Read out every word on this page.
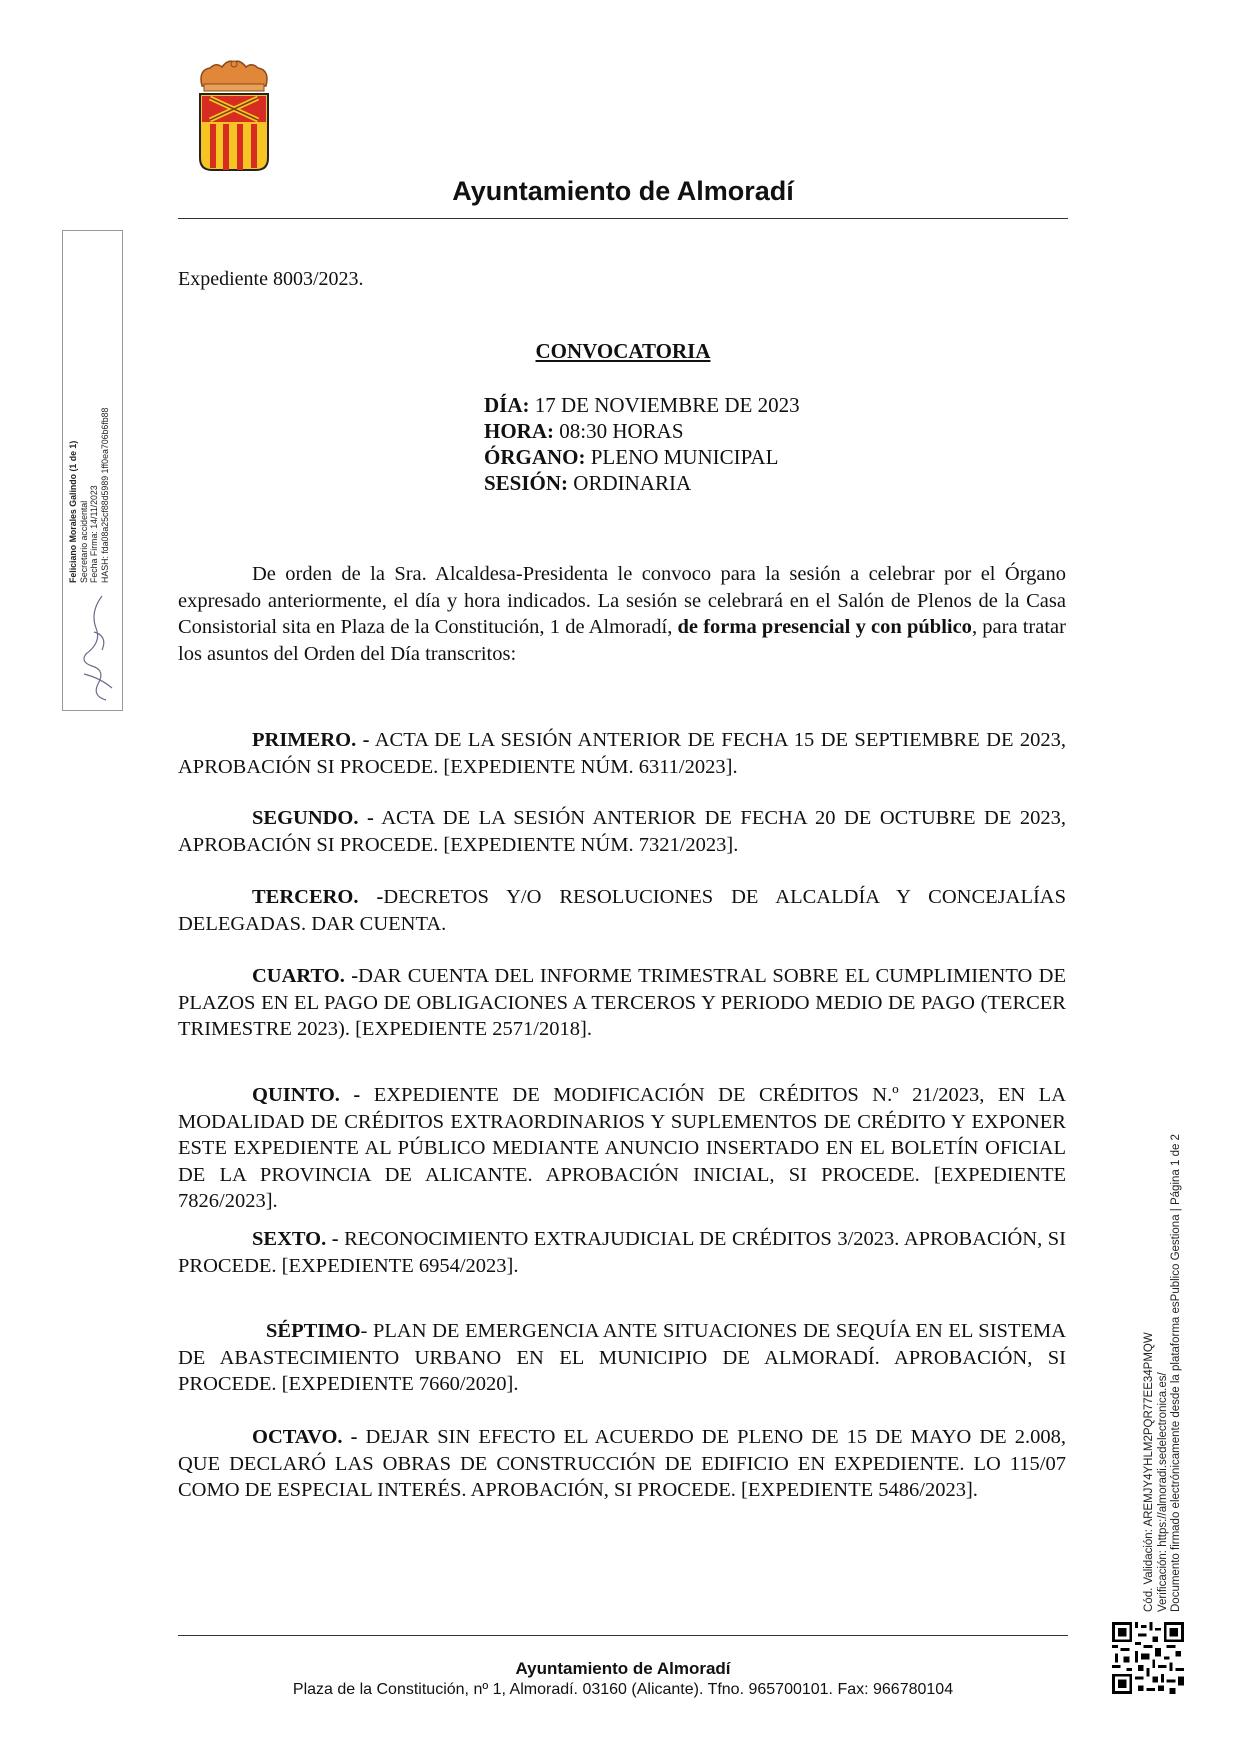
Ayuntamiento de Almoradí
Feliciano Morales Galindo (1 de 1) Secretario accidental Fecha Firma: 14/11/2023 HASH: fda08a25cf88d5989 1ff0ea706b6fb88
Expediente 8003/2023.
CONVOCATORIA
DÍA: 17 DE NOVIEMBRE DE 2023
HORA: 08:30 HORAS
ÓRGANO: PLENO MUNICIPAL
SESIÓN: ORDINARIA
De orden de la Sra. Alcaldesa-Presidenta le convoco para la sesión a celebrar por el Órgano expresado anteriormente, el día y hora indicados. La sesión se celebrará en el Salón de Plenos de la Casa Consistorial sita en Plaza de la Constitución, 1 de Almoradí, de forma presencial y con público, para tratar los asuntos del Orden del Día transcritos:
PRIMERO. - ACTA DE LA SESIÓN ANTERIOR DE FECHA 15 DE SEPTIEMBRE DE 2023, APROBACIÓN SI PROCEDE. [EXPEDIENTE NÚM. 6311/2023].
SEGUNDO. - ACTA DE LA SESIÓN ANTERIOR DE FECHA 20 DE OCTUBRE DE 2023, APROBACIÓN SI PROCEDE. [EXPEDIENTE NÚM. 7321/2023].
TERCERO. -DECRETOS Y/O RESOLUCIONES DE ALCALDÍA Y CONCEJALÍAS DELEGADAS. DAR CUENTA.
CUARTO. -DAR CUENTA DEL INFORME TRIMESTRAL SOBRE EL CUMPLIMIENTO DE PLAZOS EN EL PAGO DE OBLIGACIONES A TERCEROS Y PERIODO MEDIO DE PAGO (TERCER TRIMESTRE 2023). [EXPEDIENTE 2571/2018].
QUINTO. - EXPEDIENTE DE MODIFICACIÓN DE CRÉDITOS N.º 21/2023, EN LA MODALIDAD DE CRÉDITOS EXTRAORDINARIOS Y SUPLEMENTOS DE CRÉDITO Y EXPONER ESTE EXPEDIENTE AL PÚBLICO MEDIANTE ANUNCIO INSERTADO EN EL BOLETÍN OFICIAL DE LA PROVINCIA DE ALICANTE. APROBACIÓN INICIAL, SI PROCEDE. [EXPEDIENTE 7826/2023].
SEXTO. - RECONOCIMIENTO EXTRAJUDICIAL DE CRÉDITOS 3/2023. APROBACIÓN, SI PROCEDE. [EXPEDIENTE 6954/2023].
SÉPTIMO- PLAN DE EMERGENCIA ANTE SITUACIONES DE SEQUÍA EN EL SISTEMA DE ABASTECIMIENTO URBANO EN EL MUNICIPIO DE ALMORADÍ. APROBACIÓN, SI PROCEDE. [EXPEDIENTE 7660/2020].
OCTAVO. - DEJAR SIN EFECTO EL ACUERDO DE PLENO DE 15 DE MAYO DE 2.008, QUE DECLARÓ LAS OBRAS DE CONSTRUCCIÓN DE EDIFICIO EN EXPEDIENTE. LO 115/07 COMO DE ESPECIAL INTERÉS. APROBACIÓN, SI PROCEDE. [EXPEDIENTE 5486/2023].
Ayuntamiento de Almoradí
Plaza de la Constitución, nº 1, Almoradí. 03160 (Alicante). Tfno. 965700101. Fax: 966780104
Cód. Validación: AREMJY4YHLM2PQR77EE34PMQW Verificación: https://almoradi.sedelectronica.es/ Documento firmado electrónicamente desde la plataforma esPublico Gestiona | Página 1 de 2
